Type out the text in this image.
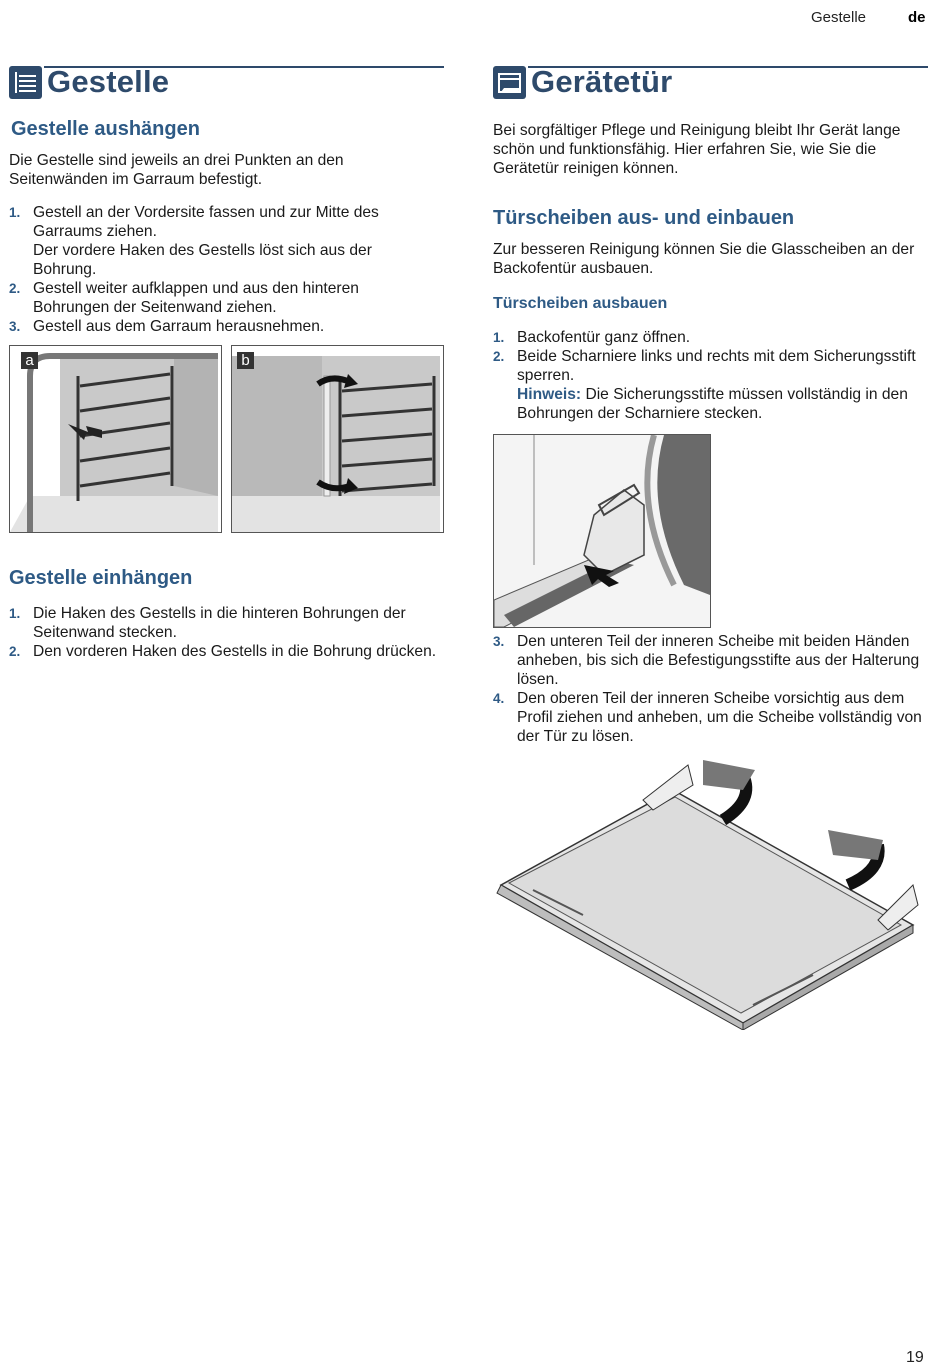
Gestelle	de
Gestelle
Gestelle aushängen
Die Gestelle sind jeweils an drei Punkten an den Seitenwänden im Garraum befestigt.
1. Gestell an der Vordersite fassen und zur Mitte des Garraums ziehen.
Der vordere Haken des Gestells löst sich aus der Bohrung.
2. Gestell weiter aufklappen und aus den hinteren Bohrungen der Seitenwand ziehen.
3. Gestell aus dem Garraum herausnehmen.
a	b
Gestelle einhängen
1. Die Haken des Gestells in die hinteren Bohrungen der Seitenwand stecken.
2. Den vorderen Haken des Gestells in die Bohrung drücken.
Gerätetür
Bei sorgfältiger Pflege und Reinigung bleibt Ihr Gerät lange schön und funktionsfähig. Hier erfahren Sie, wie Sie die Gerätetür reinigen können.
Türscheiben aus- und einbauen
Zur besseren Reinigung können Sie die Glasscheiben an der Backofentür ausbauen.
Türscheiben ausbauen
1. Backofentür ganz öffnen.
2. Beide Scharniere links und rechts mit dem Sicherungsstift sperren.
Hinweis: Die Sicherungsstifte müssen vollständig in den Bohrungen der Scharniere stecken.
3. Den unteren Teil der inneren Scheibe mit beiden Händen anheben, bis sich die Befestigungsstifte aus der Halterung lösen.
4. Den oberen Teil der inneren Scheibe vorsichtig aus dem Profil ziehen und anheben, um die Scheibe vollständig von der Tür zu lösen.
19
